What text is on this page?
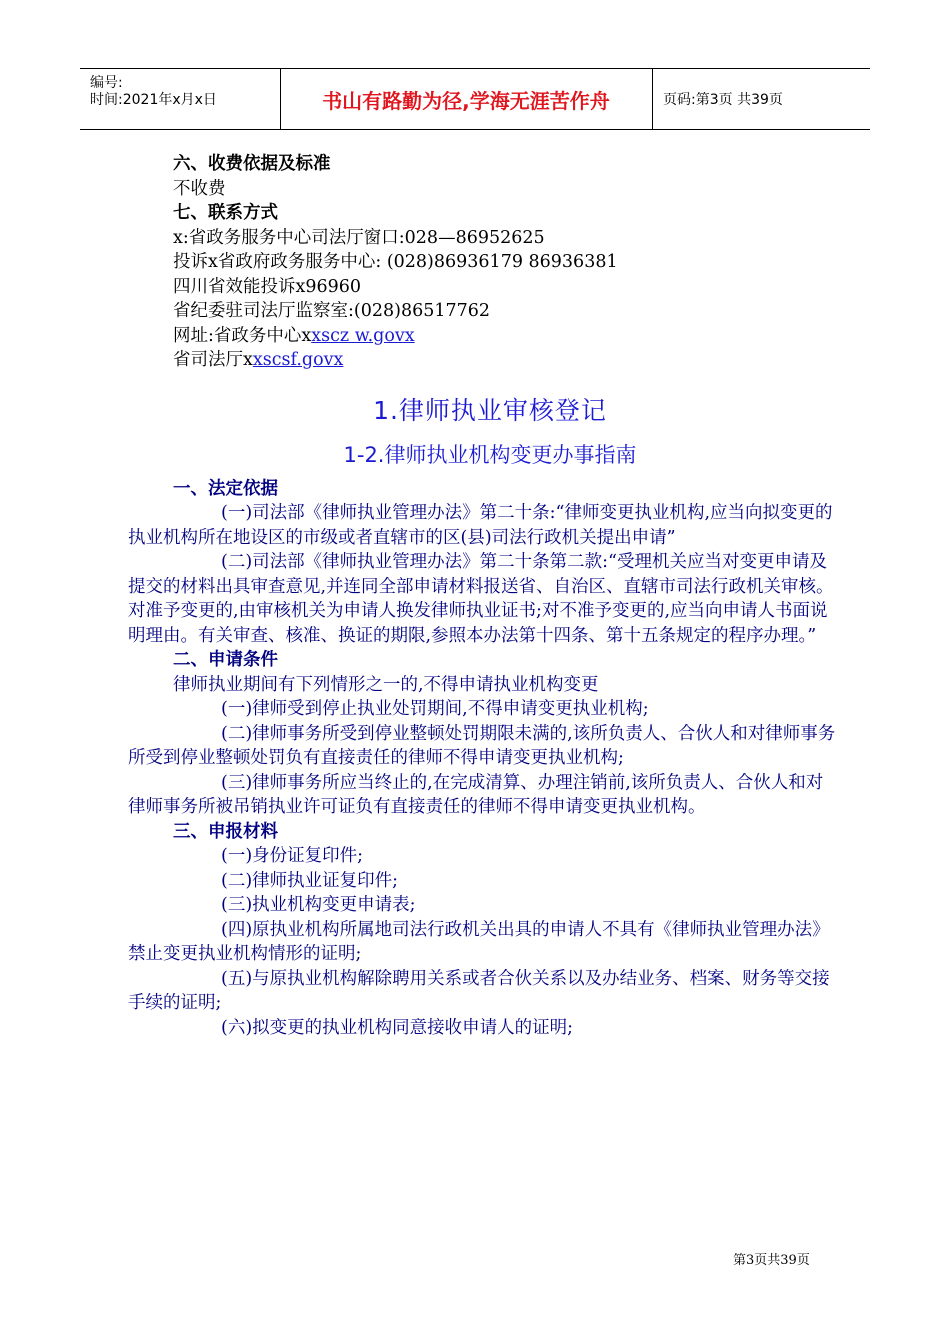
编号:
时间:2021年x月x日	书山有路勤为径,学海无涯苦作舟	页码:第3页 共39页
六、收费依据及标准
不收费
七、联系方式
x:省政务服务中心司法厅窗口:028—86952625
投诉x省政府政务服务中心: (028)86936179 86936381
四川省效能投诉x96960
省纪委驻司法厅监察室:(028)86517762
网址:省政务中心xxscz w.govx
省司法厅xxscsf.govx
1.律师执业审核登记
1-2.律师执业机构变更办事指南
一、法定依据
(一)司法部《律师执业管理办法》第二十条:“律师变更执业机构,应当向拟变更的执业机构所在地设区的市级或者直辖市的区(县)司法行政机关提出申请”
(二)司法部《律师执业管理办法》第二十条第二款:“受理机关应当对变更申请及提交的材料出具审查意见,并连同全部申请材料报送省、自治区、直辖市司法行政机关审核。对准予变更的,由审核机关为申请人换发律师执业证书;对不准予变更的,应当向申请人书面说明理由。有关审查、核准、换证的期限,参照本办法第十四条、第十五条规定的程序办理。”
二、申请条件
律师执业期间有下列情形之一的,不得申请执业机构变更
(一)律师受到停止执业处罚期间,不得申请变更执业机构;
(二)律师事务所受到停业整顿处罚期限未满的,该所负责人、合伙人和对律师事务所受到停业整顿处罚负有直接责任的律师不得申请变更执业机构;
(三)律师事务所应当终止的,在完成清算、办理注销前,该所负责人、合伙人和对律师事务所被吊销执业许可证负有直接责任的律师不得申请变更执业机构。
三、申报材料
(一)身份证复印件;
(二)律师执业证复印件;
(三)执业机构变更申请表;
(四)原执业机构所属地司法行政机关出具的申请人不具有《律师执业管理办法》禁止变更执业机构情形的证明;
(五)与原执业机构解除聘用关系或者合伙关系以及办结业务、档案、财务等交接手续的证明;
(六)拟变更的执业机构同意接收申请人的证明;
第3页共39页
